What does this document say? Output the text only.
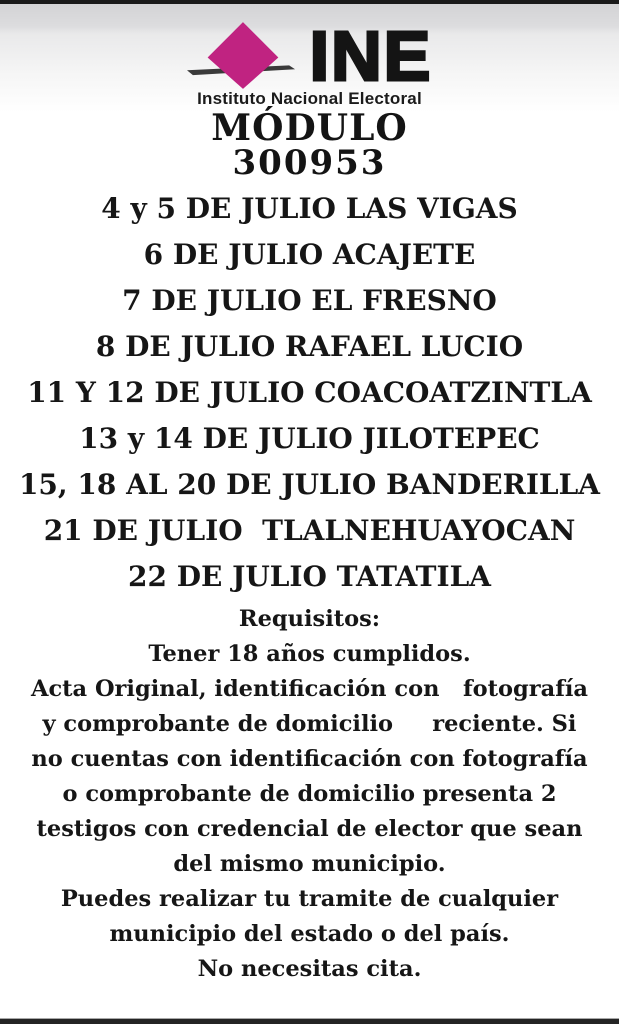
INE
Instituto Nacional Electoral
MÓDULO
300953
4 y 5 DE JULIO LAS VIGAS
6 DE JULIO ACAJETE
7 DE JULIO EL FRESNO
8 DE JULIO RAFAEL LUCIO
11 Y 12 DE JULIO COACOATZINTLA
13 y 14 DE JULIO JILOTEPEC
15, 18 AL 20 DE JULIO BANDERILLA
21 DE JULIO  TLALNEHUAYOCAN
22 DE JULIO TATATILA
Requisitos:
Tener 18 años cumplidos.
Acta Original, identificación con   fotografía
y comprobante de domicilio     reciente. Si
no cuentas con identificación con fotografía
o comprobante de domicilio presenta 2
testigos con credencial de elector que sean
del mismo municipio.
Puedes realizar tu tramite de cualquier
municipio del estado o del país.
No necesitas cita.
